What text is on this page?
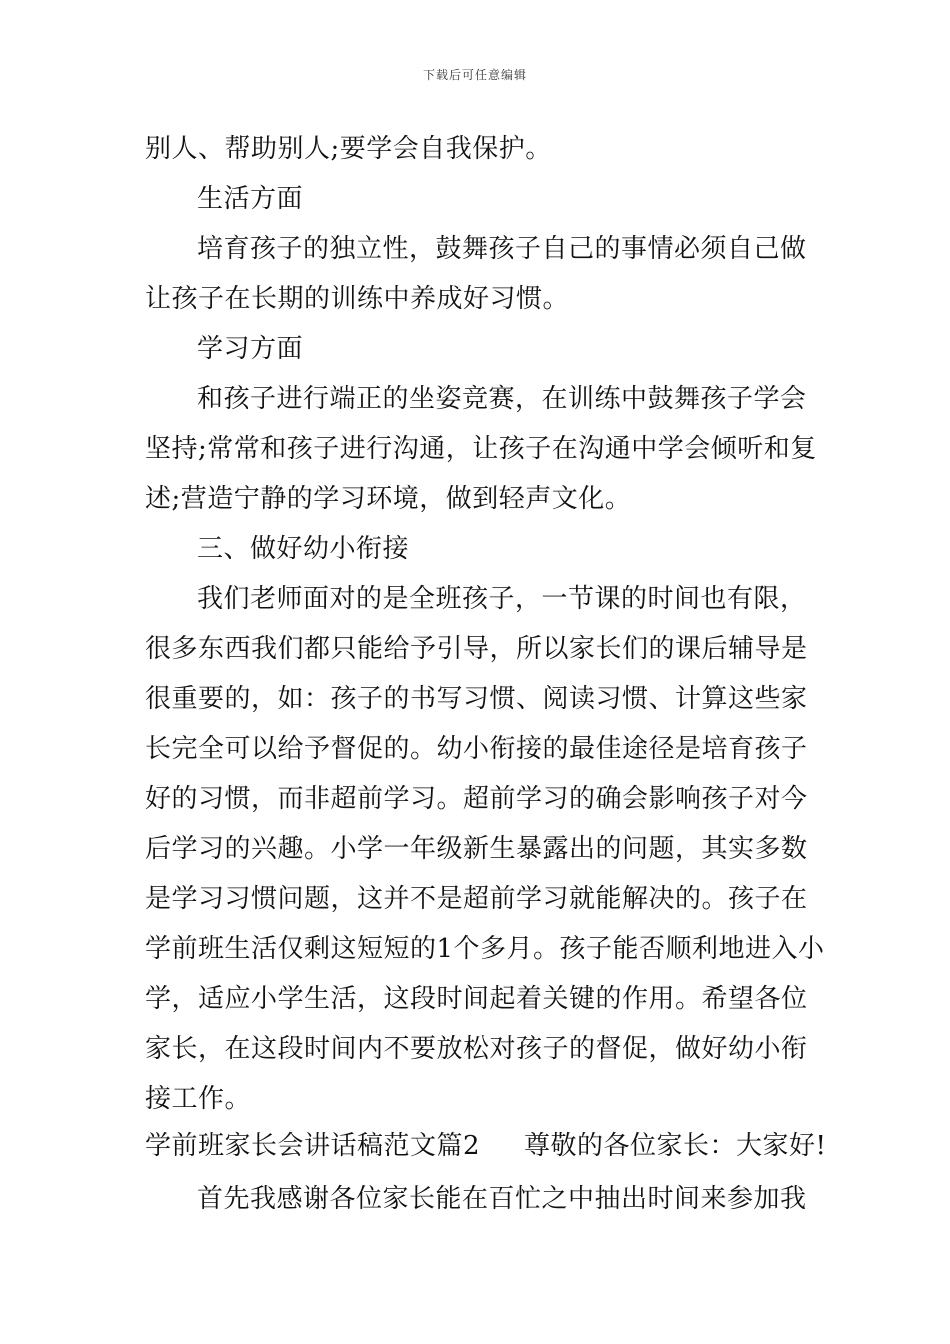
下载后可任意编辑
别人、帮助别人;要学会自我保护。
生活方面
培育孩子的独立性，鼓舞孩子自己的事情必须自己做
让孩子在长期的训练中养成好习惯。
学习方面
和孩子进行端正的坐姿竞赛，在训练中鼓舞孩子学会
坚持;常常和孩子进行沟通，让孩子在沟通中学会倾听和复
述;营造宁静的学习环境，做到轻声文化。
三、做好幼小衔接
我们老师面对的是全班孩子，一节课的时间也有限，
很多东西我们都只能给予引导，所以家长们的课后辅导是
很重要的，如：孩子的书写习惯、阅读习惯、计算这些家
长完全可以给予督促的。幼小衔接的最佳途径是培育孩子
好的习惯，而非超前学习。超前学习的确会影响孩子对今
后学习的兴趣。小学一年级新生暴露出的问题，其实多数
是学习习惯问题，这并不是超前学习就能解决的。孩子在
学前班生活仅剩这短短的1个多月。孩子能否顺利地进入小
学，适应小学生活，这段时间起着关键的作用。希望各位
家长，在这段时间内不要放松对孩子的督促，做好幼小衔
接工作。
学前班家长会讲话稿范文篇2 尊敬的各位家长：大家好!
首先我感谢各位家长能在百忙之中抽出时间来参加我
